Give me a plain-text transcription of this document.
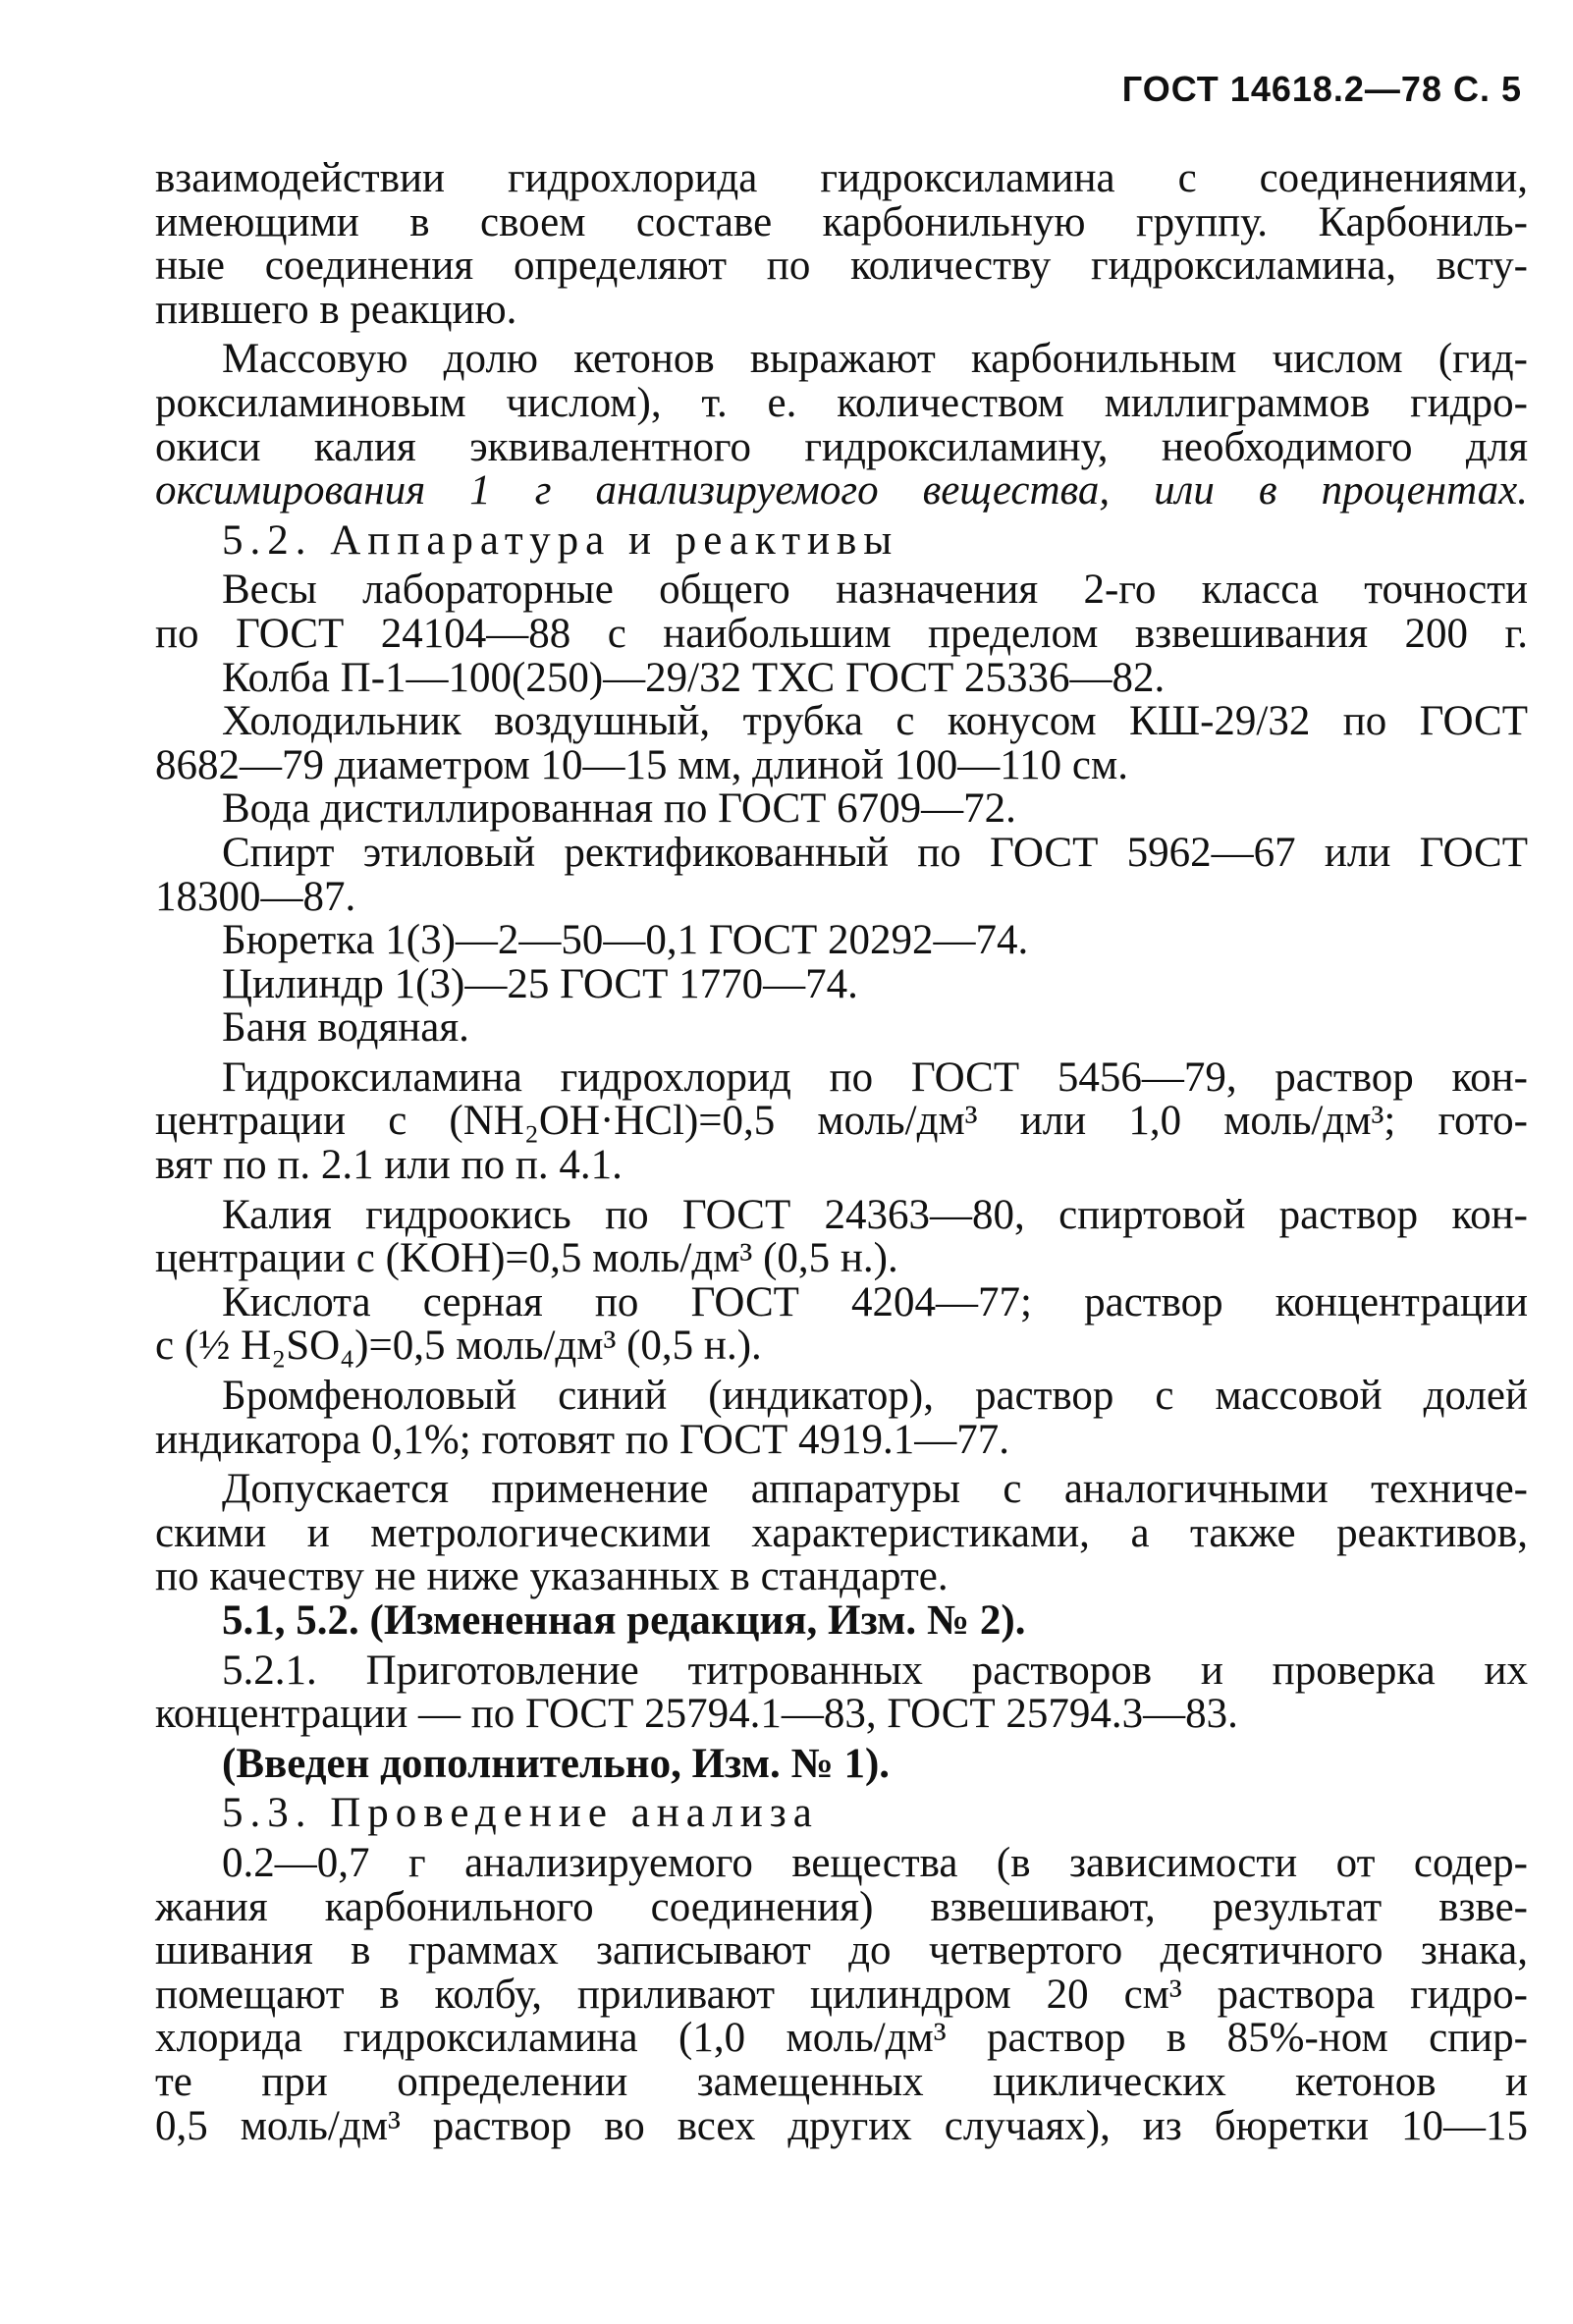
ГОСТ 14618.2—78 С. 5
взаимодействии гидрохлорида гидроксиламина с соединениями,
имеющими в своем составе карбонильную группу. Карбониль-
ные соединения определяют по количеству гидроксиламина, всту-
пившего в реакцию.
Массовую долю кетонов выражают карбонильным числом (гид-
роксиламиновым числом), т. е. количеством миллиграммов гидро-
окиси калия эквивалентного гидроксиламину, необходимого для
оксимирования 1 г анализируемого вещества, или в процентах.
5.2. Аппаратура и реактивы
Весы лабораторные общего назначения 2-го класса точности
по ГОСТ 24104—88 с наибольшим пределом взвешивания 200 г.
Колба П-1—100(250)—29/32 ТХС ГОСТ 25336—82.
Холодильник воздушный, трубка с конусом КШ-29/32 по ГОСТ
8682—79 диаметром 10—15 мм, длиной 100—110 см.
Вода дистиллированная по ГОСТ 6709—72.
Спирт этиловый ректификованный по ГОСТ 5962—67 или ГОСТ
18300—87.
Бюретка 1(3)—2—50—0,1 ГОСТ 20292—74.
Цилиндр 1(3)—25 ГОСТ 1770—74.
Баня водяная.
Гидроксиламина гидрохлорид по ГОСТ 5456—79, раствор кон-
центрации с (NH₂OH·HCl)=0,5 моль/дм³ или 1,0 моль/дм³; гото-
вят по п. 2.1 или по п. 4.1.
Калия гидроокись по ГОСТ 24363—80, спиртовой раствор кон-
центрации с (KOH)=0,5 моль/дм³ (0,5 н.).
Кислота серная по ГОСТ 4204—77; раствор концентрации
с (½ H₂SO₄)=0,5 моль/дм³ (0,5 н.).
Бромфеноловый синий (индикатор), раствор с массовой долей
индикатора 0,1%; готовят по ГОСТ 4919.1—77.
Допускается применение аппаратуры с аналогичными техниче-
скими и метрологическими характеристиками, а также реактивов,
по качеству не ниже указанных в стандарте.
5.1, 5.2. (Измененная редакция, Изм. № 2).
5.2.1. Приготовление титрованных растворов и проверка их
концентрации — по ГОСТ 25794.1—83, ГОСТ 25794.3—83.
(Введен дополнительно, Изм. № 1).
5.3. Проведение анализа
0.2—0,7 г анализируемого вещества (в зависимости от содер-
жания карбонильного соединения) взвешивают, результат взве-
шивания в граммах записывают до четвертого десятичного знака,
помещают в колбу, приливают цилиндром 20 см³ раствора гидро-
хлорида гидроксиламина (1,0 моль/дм³ раствор в 85%-ном спир-
те при определении замещенных циклических кетонов и
0,5 моль/дм³ раствор во всех других случаях), из бюретки 10—15
